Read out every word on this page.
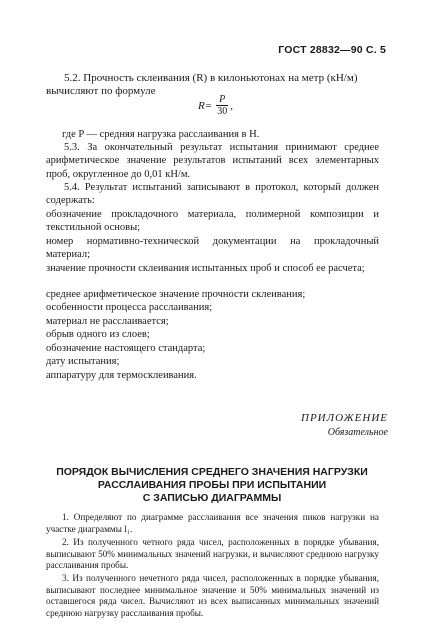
ГОСТ 28832—90 С. 5

5.2. Прочность склеивания (R) в килоньютонах на метр (кН/м)

вычисляют по формуле

$R= \frac{P}{30}$ ,

где P — средняя нагрузка расслаивания в Н.

5.3. За окончательный результат испытания принимают среднее арифметическое значение результатов испытаний всех элементарных проб, округленное до 0,01 кН/м.

5.4. Результат испытаний записывают в протокол, который должен содержать:

обозначение прокладочного материала, полимерной композиции и текстильной основы;

номер нормативно-технической документации на прокладочный материал;

значение прочности склеивания испытанных проб и способ ее расчета;

среднее арифметическое значение прочности склеивания;

особенности процесса расслаивания;

материал не расслаивается;

обрыв одного из слоев;

обозначение настоящего стандарта;

дату испытания;

аппаратуру для термосклеивания.

ПРИЛОЖЕНИЕ
Обязательное

ПОРЯДОК ВЫЧИСЛЕНИЯ СРЕДНЕГО ЗНАЧЕНИЯ НАГРУЗКИ

РАССЛАИВАНИЯ ПРОБЫ ПРИ ИСПЫТАНИИ

С ЗАПИСЬЮ ДИАГРАММЫ

1. Определяют по диаграмме расслаивания все значения пиков нагрузки на участке диаграммы l₁.

2. Из полученного четного ряда чисел, расположенных в порядке убывания, выписывают 50% минимальных значений нагрузки, и вычисляют среднюю нагрузку расслаивания пробы.

3. Из полученного нечетного ряда чисел, расположенных в порядке убывания, выписывают последнее минимальное значение и 50% минимальных значений из оставшегося ряда чисел. Вычисляют из всех выписанных минимальных значений среднюю нагрузку расслаивания пробы.
